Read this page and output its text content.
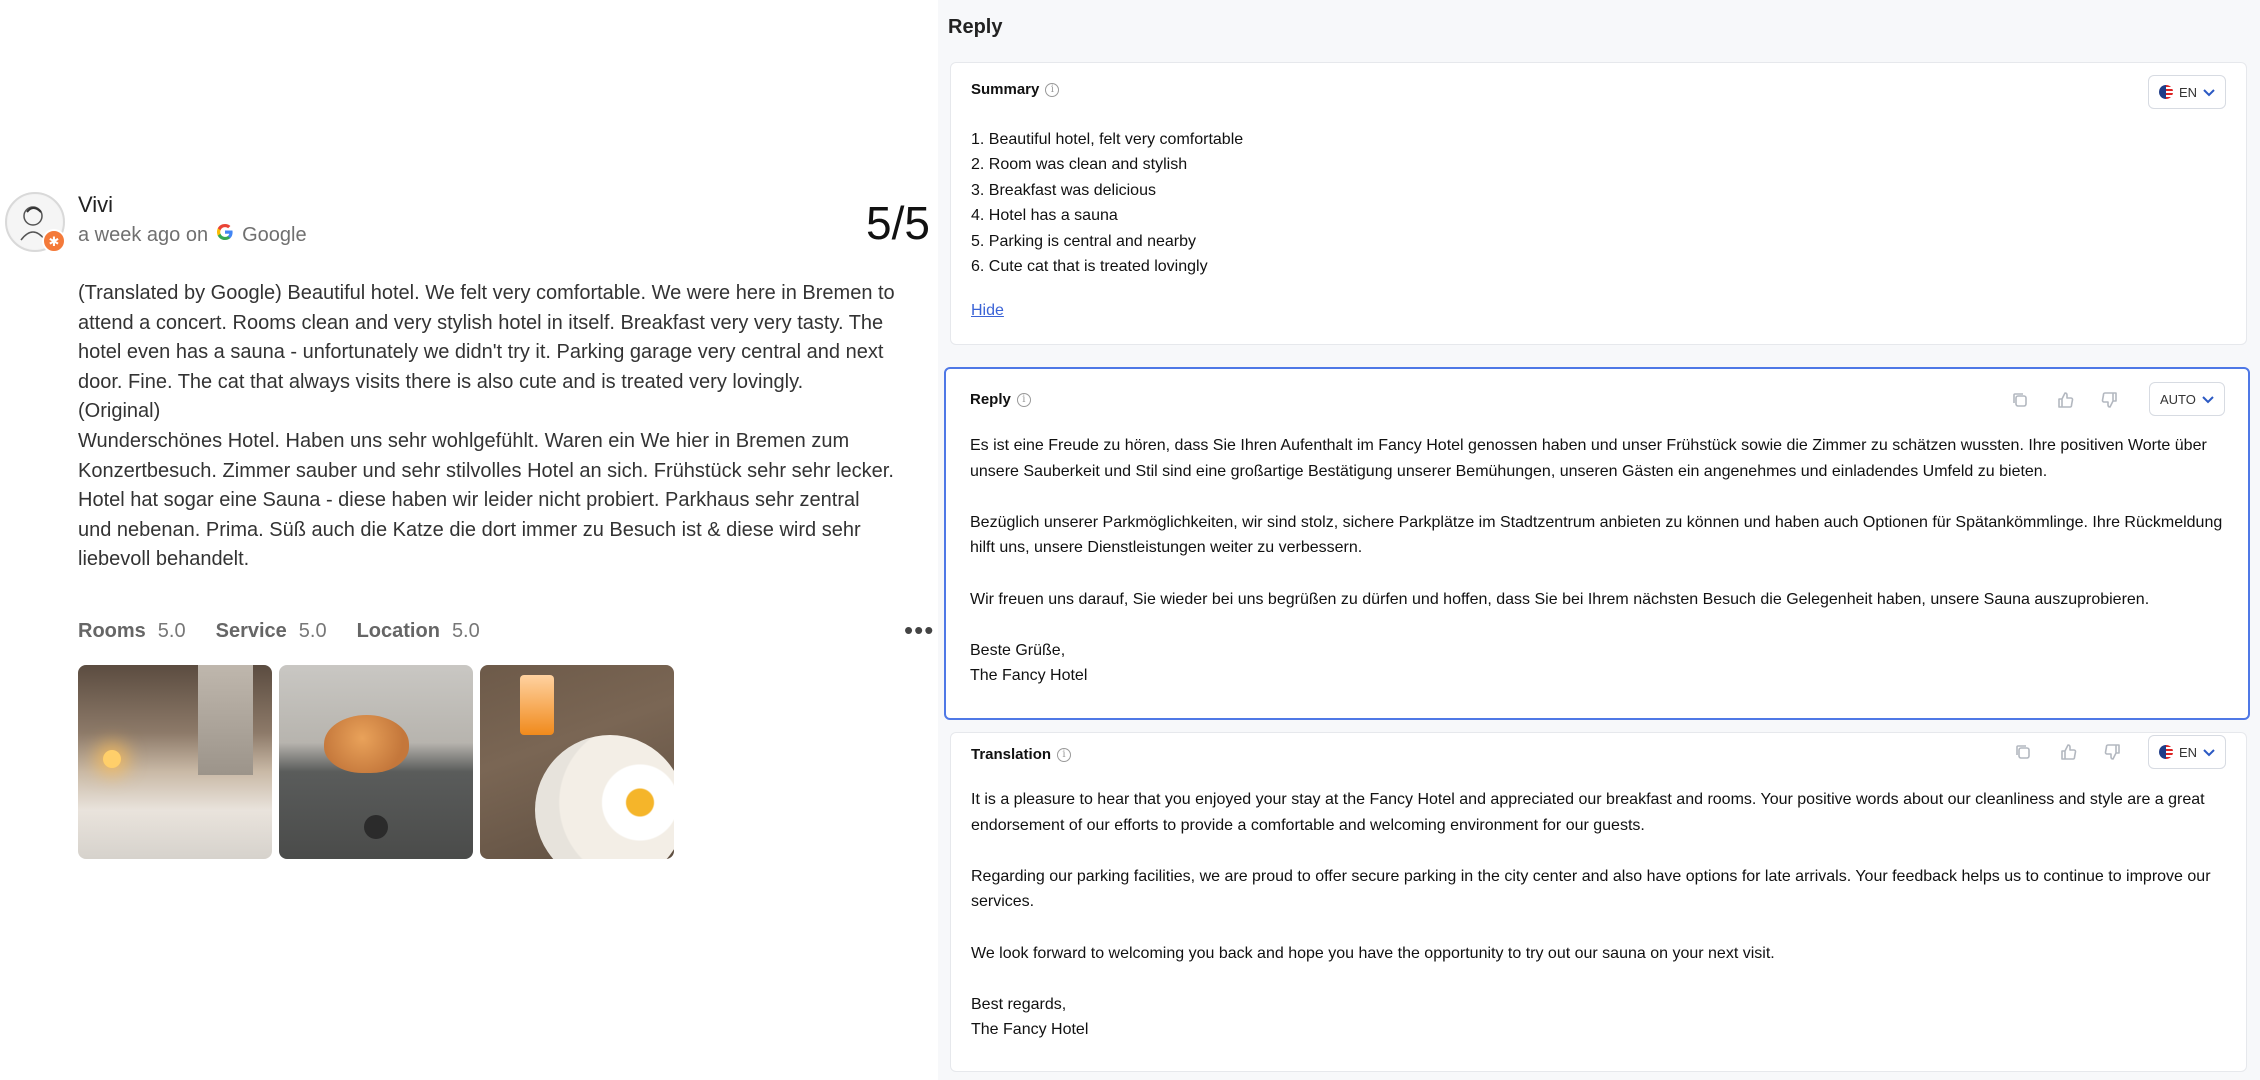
✱
Vivi
a week ago on Google	5/5

(Translated by Google) Beautiful hotel. We felt very comfortable. We were here in Bremen to attend a concert. Rooms clean and very stylish hotel in itself. Breakfast very very tasty. The hotel even has a sauna - unfortunately we didn't try it. Parking garage very central and next door. Fine. The cat that always visits there is also cute and is treated very lovingly.

(Original)

Wunderschönes Hotel. Haben uns sehr wohlgefühlt. Waren ein We hier in Bremen zum Konzertbesuch. Zimmer sauber und sehr stilvolles Hotel an sich. Frühstück sehr sehr lecker. Hotel hat sogar eine Sauna - diese haben wir leider nicht probiert. Parkhaus sehr zentral und nebenan. Prima. Süß auch die Katze die dort immer zu Besuch ist & diese wird sehr liebevoll behandelt.

Rooms 5.0 Service 5.0 Location 5.0	•••
Reply
Summary	i	EN
1. Beautiful hotel, felt very comfortable
2. Room was clean and stylish
3. Breakfast was delicious
4. Hotel has a sauna
5. Parking is central and nearby
6. Cute cat that is treated lovingly
Hide
Reply	i	AUTO

Es ist eine Freude zu hören, dass Sie Ihren Aufenthalt im Fancy Hotel genossen haben und unser Frühstück sowie die Zimmer zu schätzen wussten. Ihre positiven Worte über unsere Sauberkeit und Stil sind eine großartige Bestätigung unserer Bemühungen, unseren Gästen ein angenehmes und einladendes Umfeld zu bieten.

Bezüglich unserer Parkmöglichkeiten, wir sind stolz, sichere Parkplätze im Stadtzentrum anbieten zu können und haben auch Optionen für Spätankömmlinge. Ihre Rückmeldung hilft uns, unsere Dienstleistungen weiter zu verbessern.

Wir freuen uns darauf, Sie wieder bei uns begrüßen zu dürfen und hoffen, dass Sie bei Ihrem nächsten Besuch die Gelegenheit haben, unsere Sauna auszuprobieren.

Beste Grüße,

The Fancy Hotel

Translation	i	EN

It is a pleasure to hear that you enjoyed your stay at the Fancy Hotel and appreciated our breakfast and rooms. Your positive words about our cleanliness and style are a great endorsement of our efforts to provide a comfortable and welcoming environment for our guests.

Regarding our parking facilities, we are proud to offer secure parking in the city center and also have options for late arrivals. Your feedback helps us to continue to improve our services.

We look forward to welcoming you back and hope you have the opportunity to try out our sauna on your next visit.

Best regards,

The Fancy Hotel
